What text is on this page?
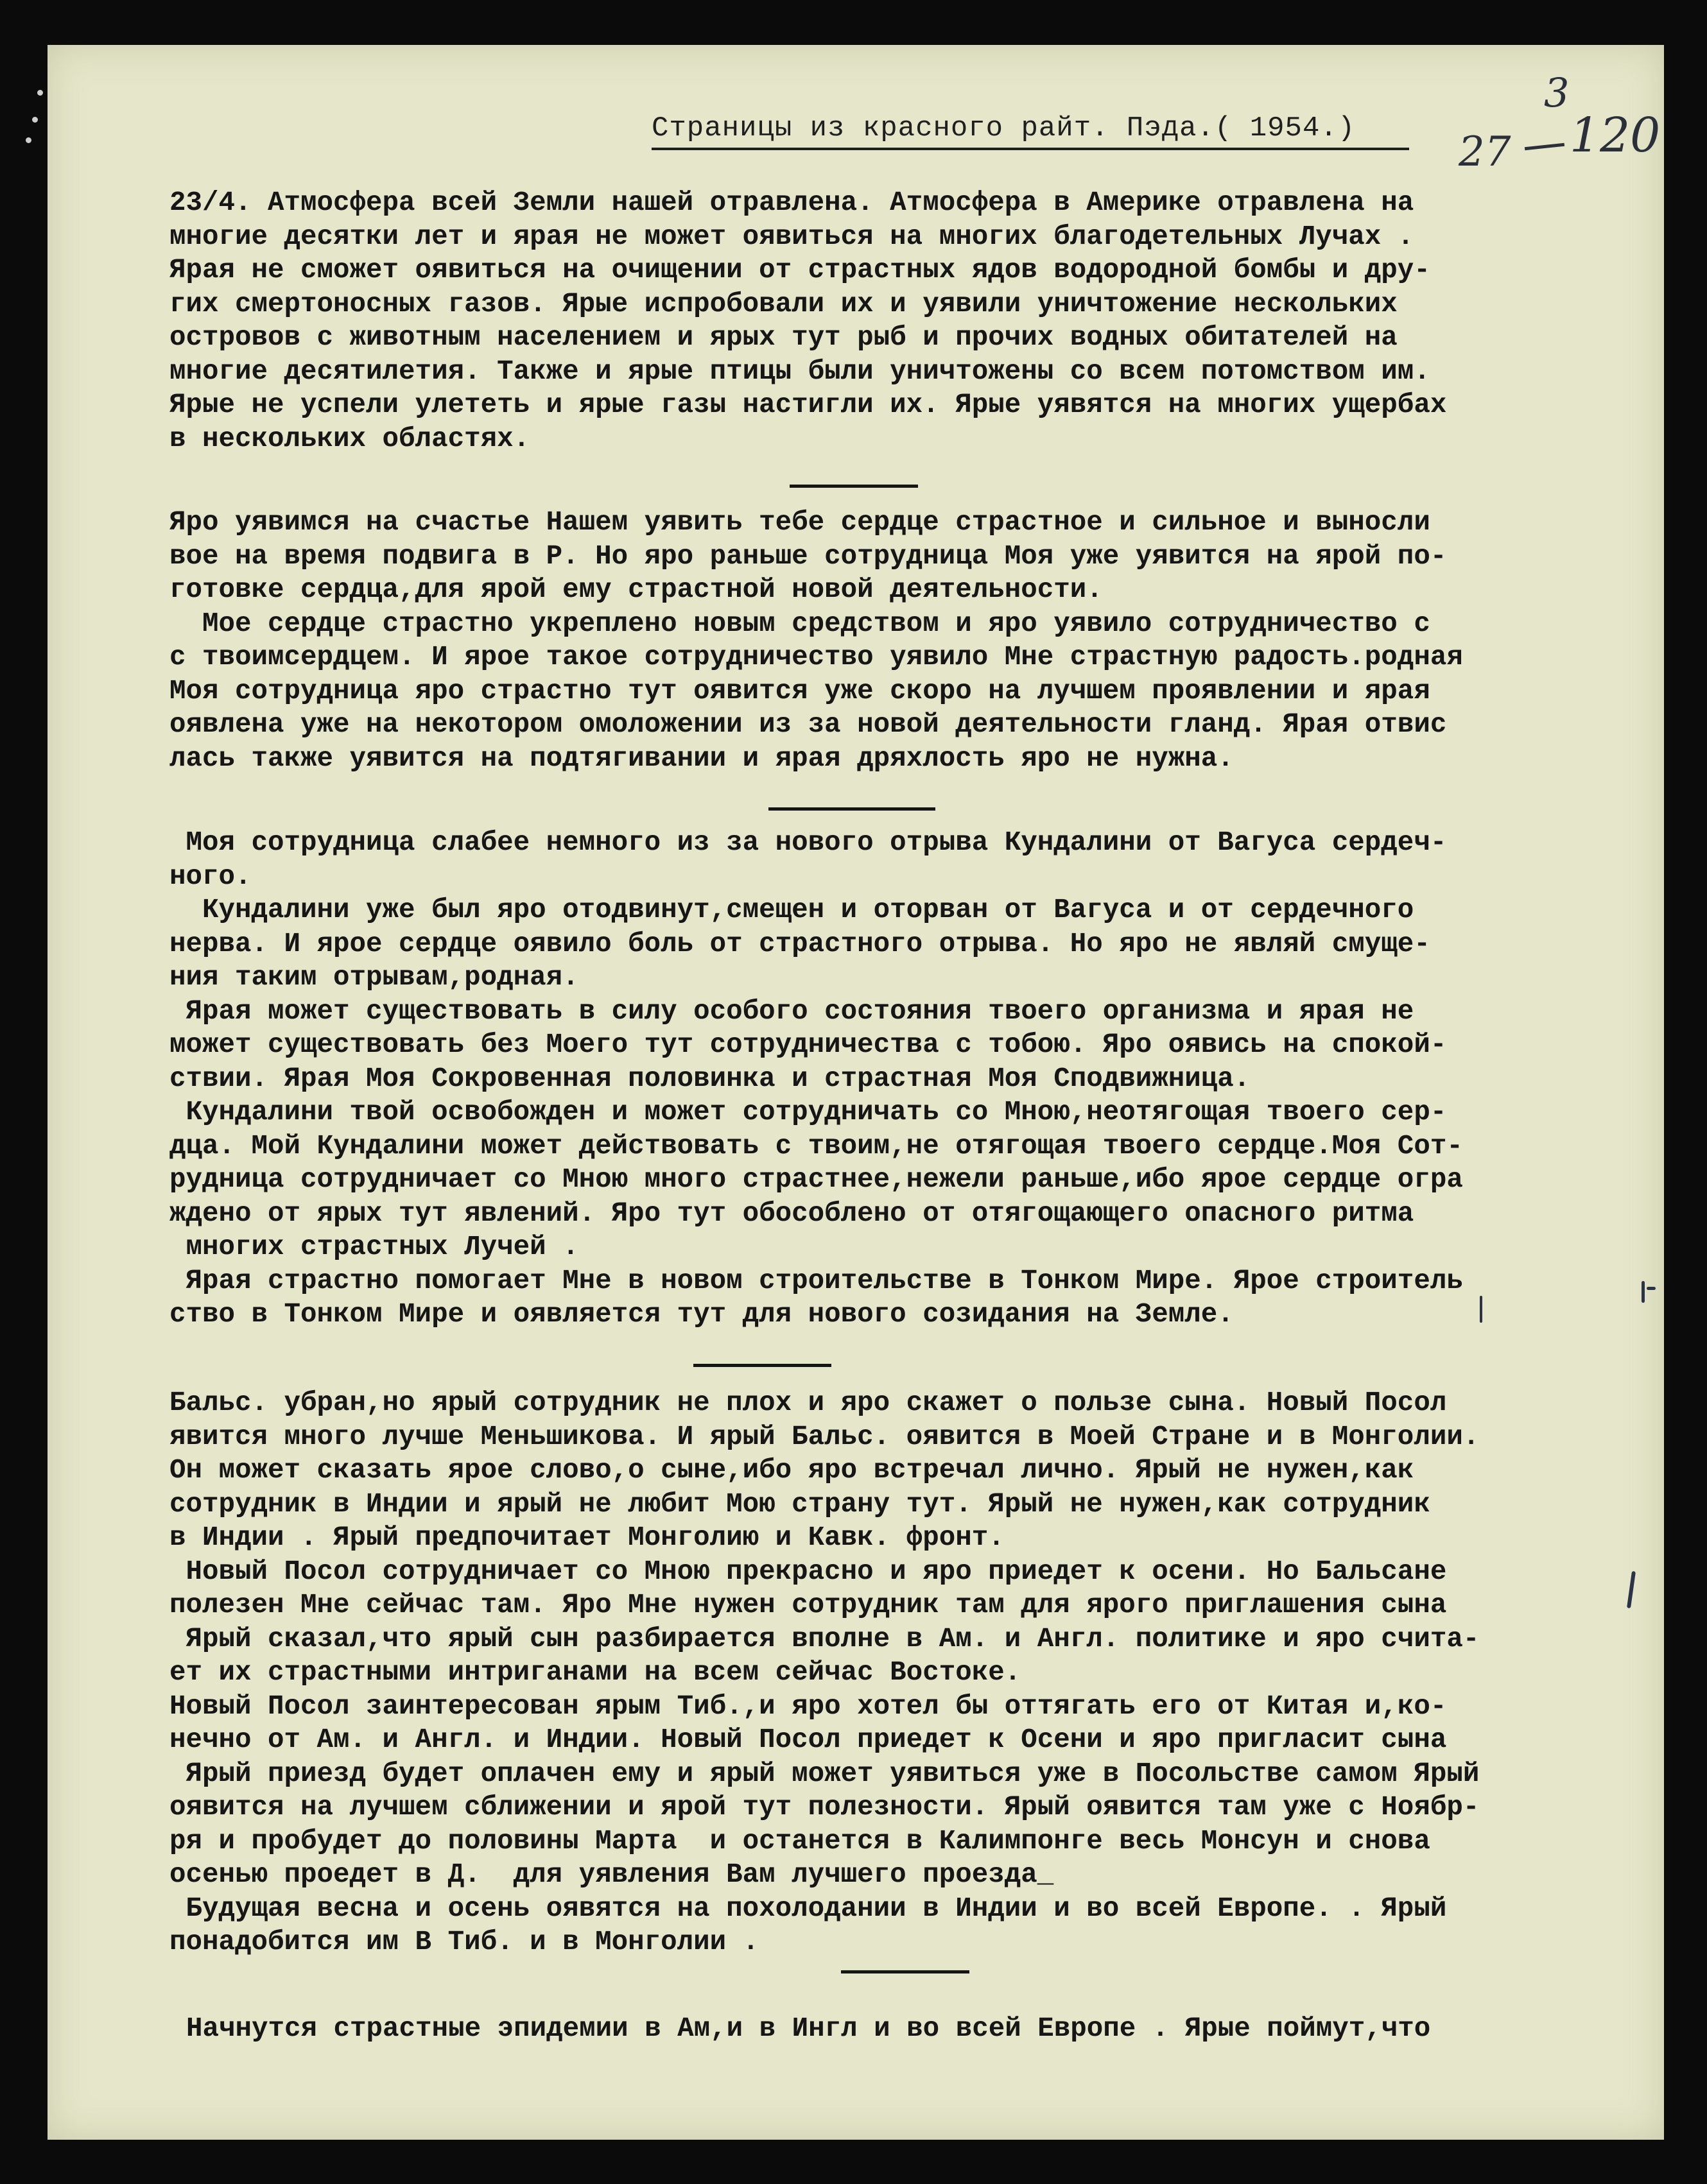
3
27 120
Страницы из красного райт. Пэда.( 1954.)
23/4. Атмосфера всей Земли нашей отравлена. Атмосфера в Америке отравлена на
многие десятки лет и ярая не может оявиться на многих благодетельных Лучах .
Ярая не сможет оявиться на очищении от страстных ядов водородной бомбы и дру-
гих смертоносных газов. Ярые испробовали их и уявили уничтожение нескольких
островов с животным населением и ярых тут рыб и прочих водных обитателей на
многие десятилетия. Также и ярые птицы были уничтожены со всем потомством им.
Ярые не успели улететь и ярые газы настигли их. Ярые уявятся на многих ущербах
в нескольких областях.
Яро уявимся на счастье Нашем уявить тебе сердце страстное и сильное и выносли
вое на время подвига в Р. Но яро раньше сотрудница Моя уже уявится на ярой по-
готовке сердца,для ярой ему страстной новой деятельности.
Мое сердце страстно укреплено новым средством и яро уявило сотрудничество с
с твоимсердцем. И ярое такое сотрудничество уявило Мне страстную радость.родная
Моя сотрудница яро страстно тут оявится уже скоро на лучшем проявлении и ярая
оявлена уже на некотором омоложении из за новой деятельности гланд. Ярая отвис
лась также уявится на подтягивании и ярая дряхлость яро не нужна.
Моя сотрудница слабее немного из за нового отрыва Кундалини от Вагуса сердеч-
ного.
Кундалини уже был яро отодвинут,смещен и оторван от Вагуса и от сердечного
нерва. И ярое сердце оявило боль от страстного отрыва. Но яро не являй смуще-
ния таким отрывам,родная.
Ярая может существовать в силу особого состояния твоего организма и ярая не
может существовать без Моего тут сотрудничества с тобою. Яро оявись на спокой-
ствии. Ярая Моя Сокровенная половинка и страстная Моя Сподвижница.
Кундалини твой освобожден и может сотрудничать со Мною,неотягощая твоего сер-
дца. Мой Кундалини может действовать с твоим,не отягощая твоего сердце.Моя Сот-
рудница сотрудничает со Мною много страстнее,нежели раньше,ибо ярое сердце огра
ждено от ярых тут явлений. Яро тут обособлено от отягощающего опасного ритма
многих страстных Лучей .
Ярая страстно помогает Мне в новом строительстве в Тонком Мире. Ярое строитель
ство в Тонком Мире и оявляется тут для нового созидания на Земле.
Бальс. убран,но ярый сотрудник не плох и яро скажет о пользе сына. Новый Посол
явится много лучше Меньшикова. И ярый Бальс. оявится в Моей Стране и в Монголии.
Он может сказать ярое слово,о сыне,ибо яро встречал лично. Ярый не нужен,как
сотрудник в Индии и ярый не любит Мою страну тут. Ярый не нужен,как сотрудник
в Индии . Ярый предпочитает Монголию и Кавк. фронт.
Новый Посол сотрудничает со Мною прекрасно и яро приедет к осени. Но Бальсане
полезен Мне сейчас там. Яро Мне нужен сотрудник там для ярого приглашения сына
Ярый сказал,что ярый сын разбирается вполне в Ам. и Англ. политике и яро счита-
ет их страстными интриганами на всем сейчас Востоке.
Новый Посол заинтересован ярым Тиб.,и яро хотел бы оттягать его от Китая и,ко-
нечно от Ам. и Англ. и Индии. Новый Посол приедет к Осени и яро пригласит сына
Ярый приезд будет оплачен ему и ярый может уявиться уже в Посольстве самом Ярый
оявится на лучшем сближении и ярой тут полезности. Ярый оявится там уже с Ноябр-
ря и пробудет до половины Марта  и останется в Калимпонге весь Монсун и снова
осенью проедет в Д.  для уявления Вам лучшего проезда_
Будущая весна и осень оявятся на похолодании в Индии и во всей Европе. . Ярый
понадобится им В Тиб. и в Монголии .
Начнутся страстные эпидемии в Ам,и в Ингл и во всей Европе . Ярые поймут,что
